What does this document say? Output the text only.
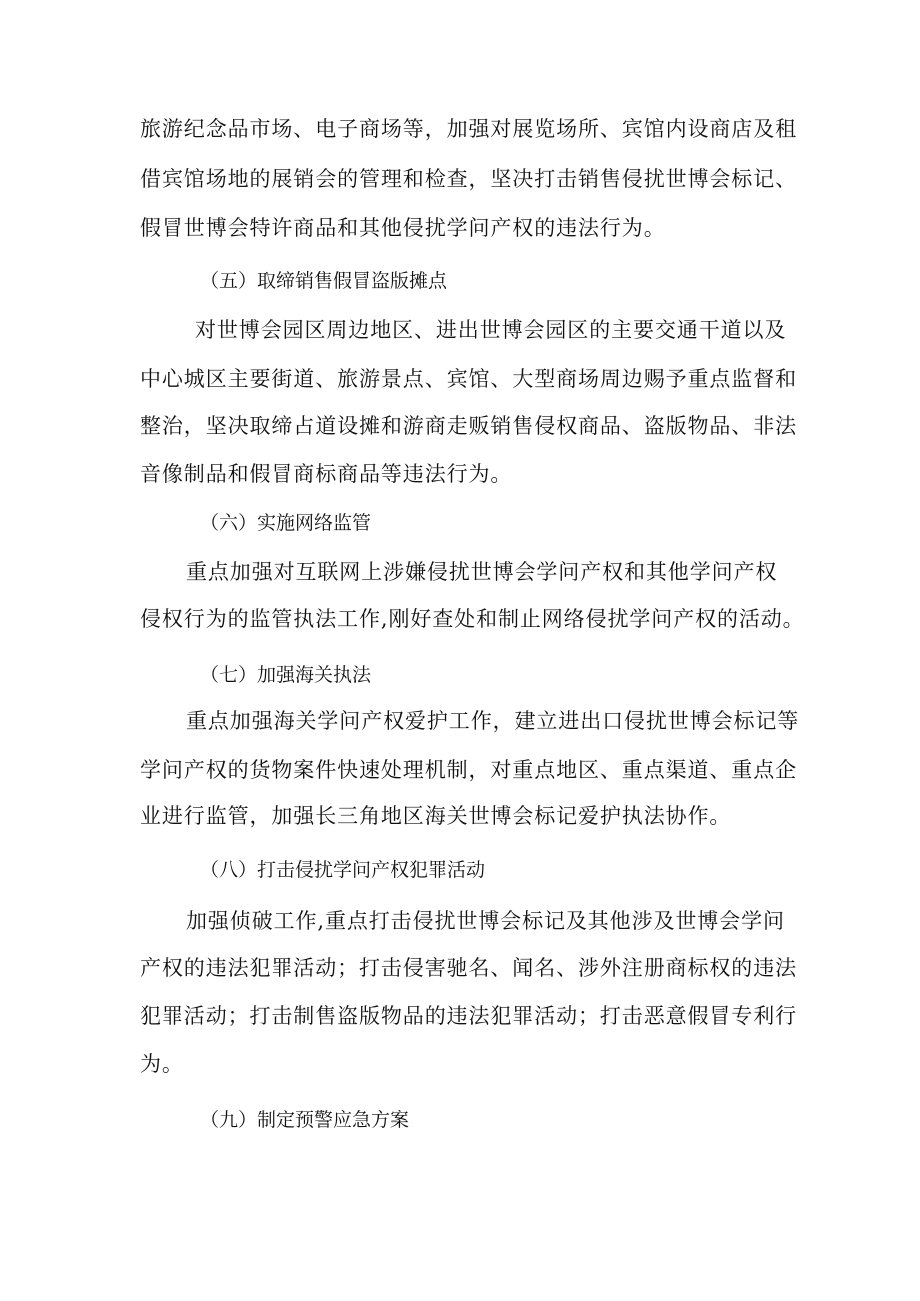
旅游纪念品市场、电子商场等，加强对展览场所、宾馆内设商店及租
借宾馆场地的展销会的管理和检查，坚决打击销售侵扰世博会标记、
假冒世博会特许商品和其他侵扰学问产权的违法行为。
（五）取缔销售假冒盗版摊点
对世博会园区周边地区、进出世博会园区的主要交通干道以及
中心城区主要街道、旅游景点、宾馆、大型商场周边赐予重点监督和
整治，坚决取缔占道设摊和游商走贩销售侵权商品、盗版物品、非法
音像制品和假冒商标商品等违法行为。
（六）实施网络监管
重点加强对互联网上涉嫌侵扰世博会学问产权和其他学问产权
侵权行为的监管执法工作,刚好查处和制止网络侵扰学问产权的活动。
（七）加强海关执法
重点加强海关学问产权爱护工作，建立进出口侵扰世博会标记等
学问产权的货物案件快速处理机制，对重点地区、重点渠道、重点企
业进行监管，加强长三角地区海关世博会标记爱护执法协作。
（八）打击侵扰学问产权犯罪活动
加强侦破工作,重点打击侵扰世博会标记及其他涉及世博会学问
产权的违法犯罪活动；打击侵害驰名、闻名、涉外注册商标权的违法
犯罪活动；打击制售盗版物品的违法犯罪活动；打击恶意假冒专利行
为。
（九）制定预警应急方案
